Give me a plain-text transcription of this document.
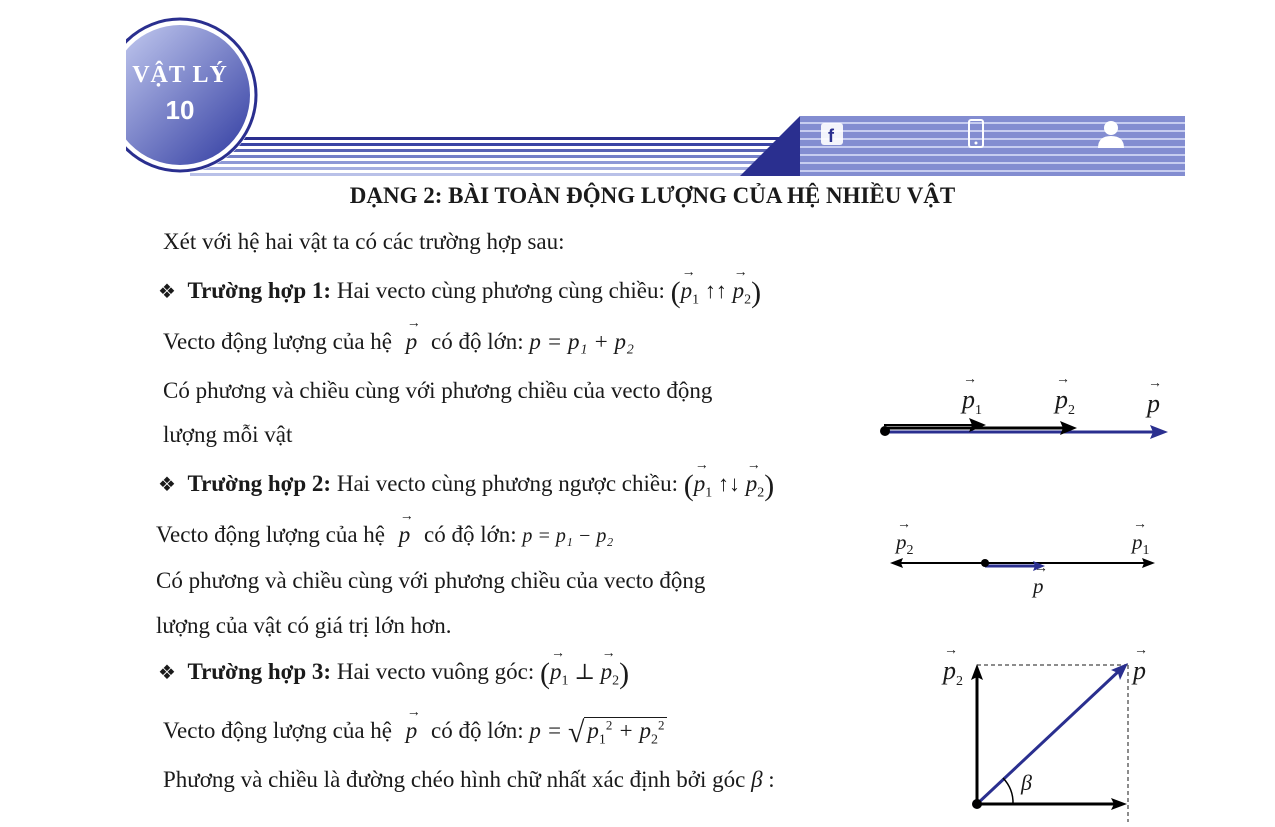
VẬT LÝ
10
f
DẠNG 2: BÀI TOÀN ĐỘNG LƯỢNG CỦA HỆ NHIỀU VẬT
Xét với hệ hai vật ta có các trường hợp sau:
❖ Trường hợp 1: Hai vecto cùng phương cùng chiều: (→ $p_1$ ↑↑ → $p_2$)
Vecto động lượng của hệ → p có độ lớn: p = p₁ + p₂
Có phương và chiều cùng với phương chiều của vecto động
lượng mỗi vật
→ $p_1$	→ $p_2$	→ p
❖ Trường hợp 2: Hai vecto cùng phương ngược chiều: (→ $p_1$ ↑↓ → $p_2$)
Vecto động lượng của hệ → p có độ lớn: p = p₁ − p₂
Có phương và chiều cùng với phương chiều của vecto động
lượng của vật có giá trị lớn hơn.
→ $p_2$	→ $p_1$
→ p
❖ Trường hợp 3: Hai vecto vuông góc: (→ $p_1$ ⊥ → $p_2$)
Vecto động lượng của hệ → p có độ lớn: p = √ $p_1^2 + p_2^2$
Phương và chiều là đường chéo hình chữ nhất xác định bởi góc β :
→ $p_2$	→ p
β
